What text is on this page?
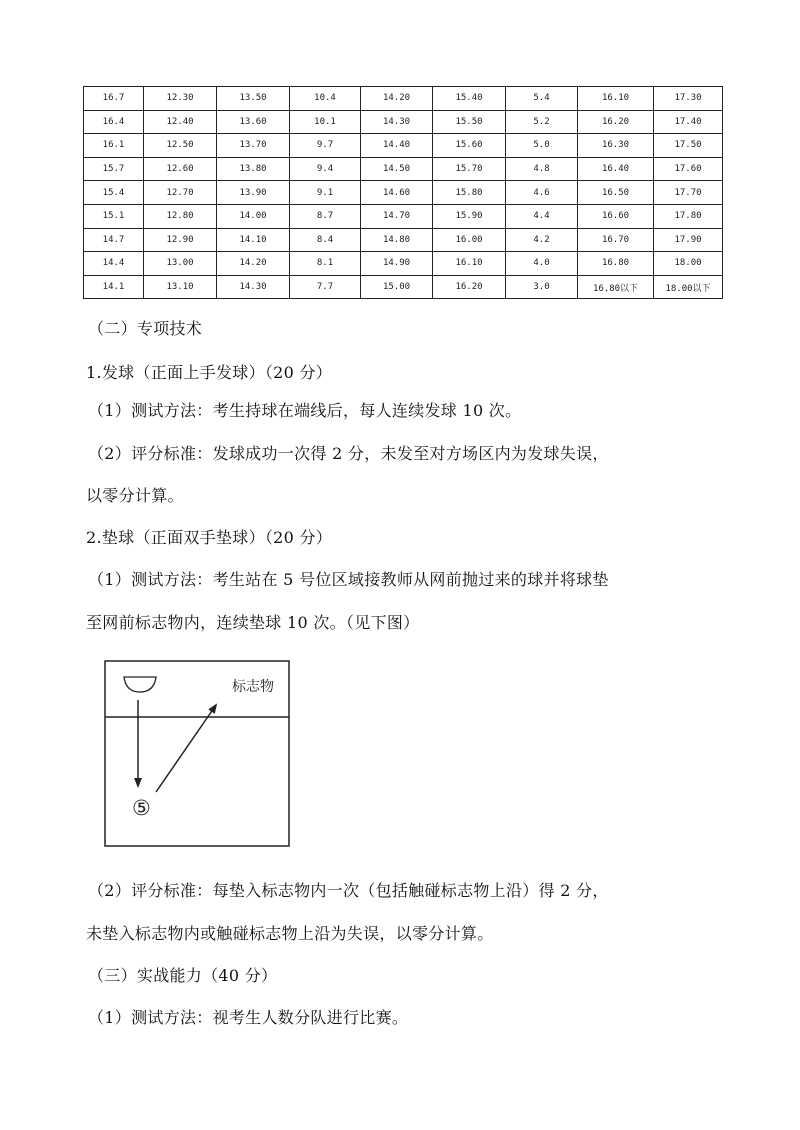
16.7	12.30	13.50	10.4	14.20	15.40	5.4	16.10	17.30
16.4	12.40	13.60	10.1	14.30	15.50	5.2	16.20	17.40
16.1	12.50	13.70	9.7	14.40	15.60	5.0	16.30	17.50
15.7	12.60	13.80	9.4	14.50	15.70	4.8	16.40	17.60
15.4	12.70	13.90	9.1	14.60	15.80	4.6	16.50	17.70
15.1	12.80	14.00	8.7	14.70	15.90	4.4	16.60	17.80
14.7	12.90	14.10	8.4	14.80	16.00	4.2	16.70	17.90
14.4	13.00	14.20	8.1	14.90	16.10	4.0	16.80	18.00
14.1	13.10	14.30	7.7	15.00	16.20	3.0	16.80以下	18.00以下
（二）专项技术
1.发球（正面上手发球）（20 分）
（1）测试方法：考生持球在端线后，每人连续发球 10 次。
（2）评分标准：发球成功一次得 2 分，未发至对方场区内为发球失误，
以零分计算。
2.垫球（正面双手垫球）（20 分）
（1）测试方法：考生站在 5 号位区域接教师从网前抛过来的球并将球垫
至网前标志物内，连续垫球 10 次。（见下图）
标志物
⑤
（2）评分标准：每垫入标志物内一次（包括触碰标志物上沿）得 2 分，
未垫入标志物内或触碰标志物上沿为失误，以零分计算。
（三）实战能力（40 分）
（1）测试方法：视考生人数分队进行比赛。
